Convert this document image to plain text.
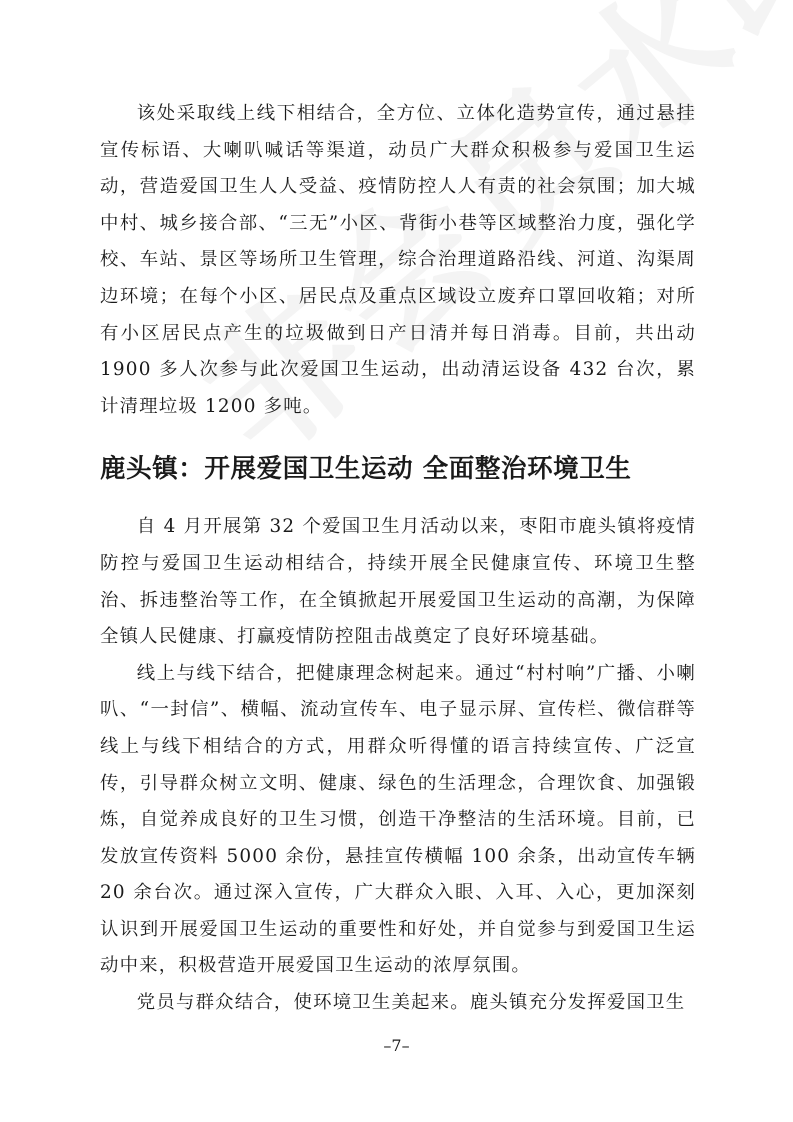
该处采取线上线下相结合，全方位、立体化造势宣传，通过悬挂宣传标语、大喇叭喊话等渠道，动员广大群众积极参与爱国卫生运动，营造爱国卫生人人受益、疫情防控人人有责的社会氛围；加大城中村、城乡接合部、“三无”小区、背街小巷等区域整治力度，强化学校、车站、景区等场所卫生管理，综合治理道路沿线、河道、沟渠周边环境；在每个小区、居民点及重点区域设立废弃口罩回收箱；对所有小区居民点产生的垃圾做到日产日清并每日消毒。目前，共出动 1900 多人次参与此次爱国卫生运动，出动清运设备 432 台次，累计清理垃圾 1200 多吨。

鹿头镇：开展爱国卫生运动 全面整治环境卫生

自 4 月开展第 32 个爱国卫生月活动以来，枣阳市鹿头镇将疫情防控与爱国卫生运动相结合，持续开展全民健康宣传、环境卫生整治、拆违整治等工作，在全镇掀起开展爱国卫生运动的高潮，为保障全镇人民健康、打赢疫情防控阻击战奠定了良好环境基础。

线上与线下结合，把健康理念树起来。通过“村村响”广播、小喇叭、“一封信”、横幅、流动宣传车、电子显示屏、宣传栏、微信群等线上与线下相结合的方式，用群众听得懂的语言持续宣传、广泛宣传，引导群众树立文明、健康、绿色的生活理念，合理饮食、加强锻炼，自觉养成良好的卫生习惯，创造干净整洁的生活环境。目前，已发放宣传资料 5000 余份，悬挂宣传横幅 100 余条，出动宣传车辆 20 余台次。通过深入宣传，广大群众入眼、入耳、入心，更加深刻认识到开展爱国卫生运动的重要性和好处，并自觉参与到爱国卫生运动中来，积极营造开展爱国卫生运动的浓厚氛围。

党员与群众结合，使环境卫生美起来。鹿头镇充分发挥爱国卫生

–7–
